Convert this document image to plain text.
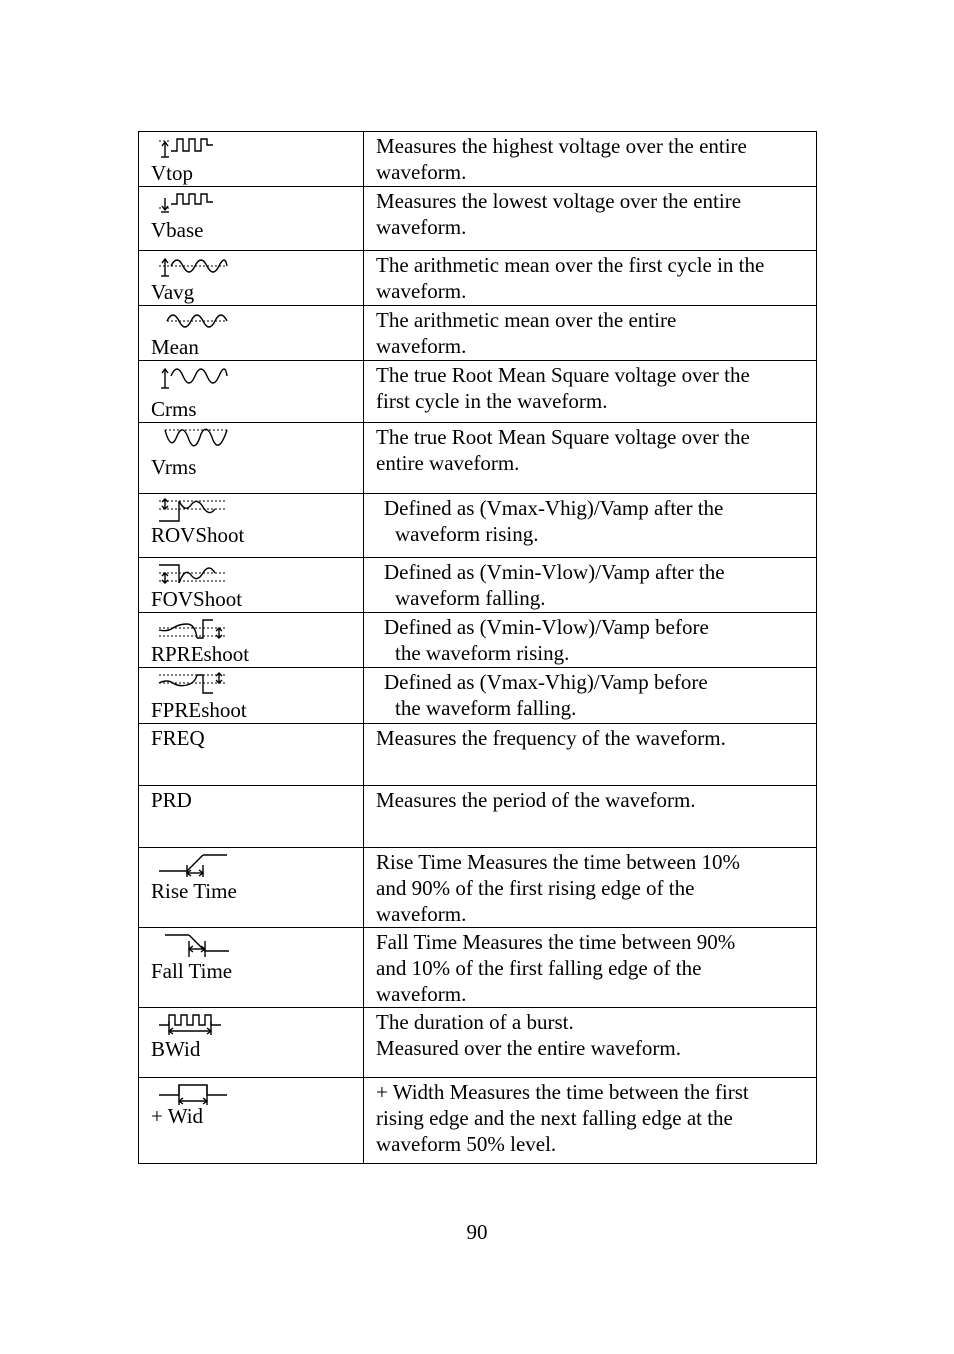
Vtop	Measures the highest voltage over the entire
waveform.

Vbase	Measures the lowest voltage over the entire
waveform.

Vavg	The arithmetic mean over the first cycle in the
waveform.

Mean	The arithmetic mean over the entire
waveform.

Crms	The true Root Mean Square voltage over the
first cycle in the waveform.

Vrms	The true Root Mean Square voltage over the
entire waveform.

ROVShoot	Defined as (Vmax-Vhig)/Vamp after the
waveform rising.

FOVShoot	Defined as (Vmin-Vlow)/Vamp after the
waveform falling.

RPREshoot	Defined as (Vmin-Vlow)/Vamp before
the waveform rising.

FPREshoot	Defined as (Vmax-Vhig)/Vamp before
the waveform falling.

FREQ	Measures the frequency of the waveform.

PRD	Measures the period of the waveform.

Rise Time	Rise Time Measures the time between 10%
and 90% of the first rising edge of the
waveform.

Fall Time	Fall Time Measures the time between 90%
and 10% of the first falling edge of the
waveform.

BWid	The duration of a burst.
Measured over the entire waveform.

+ Wid	+ Width Measures the time between the first
rising edge and the next falling edge at the
waveform 50% level.
90
